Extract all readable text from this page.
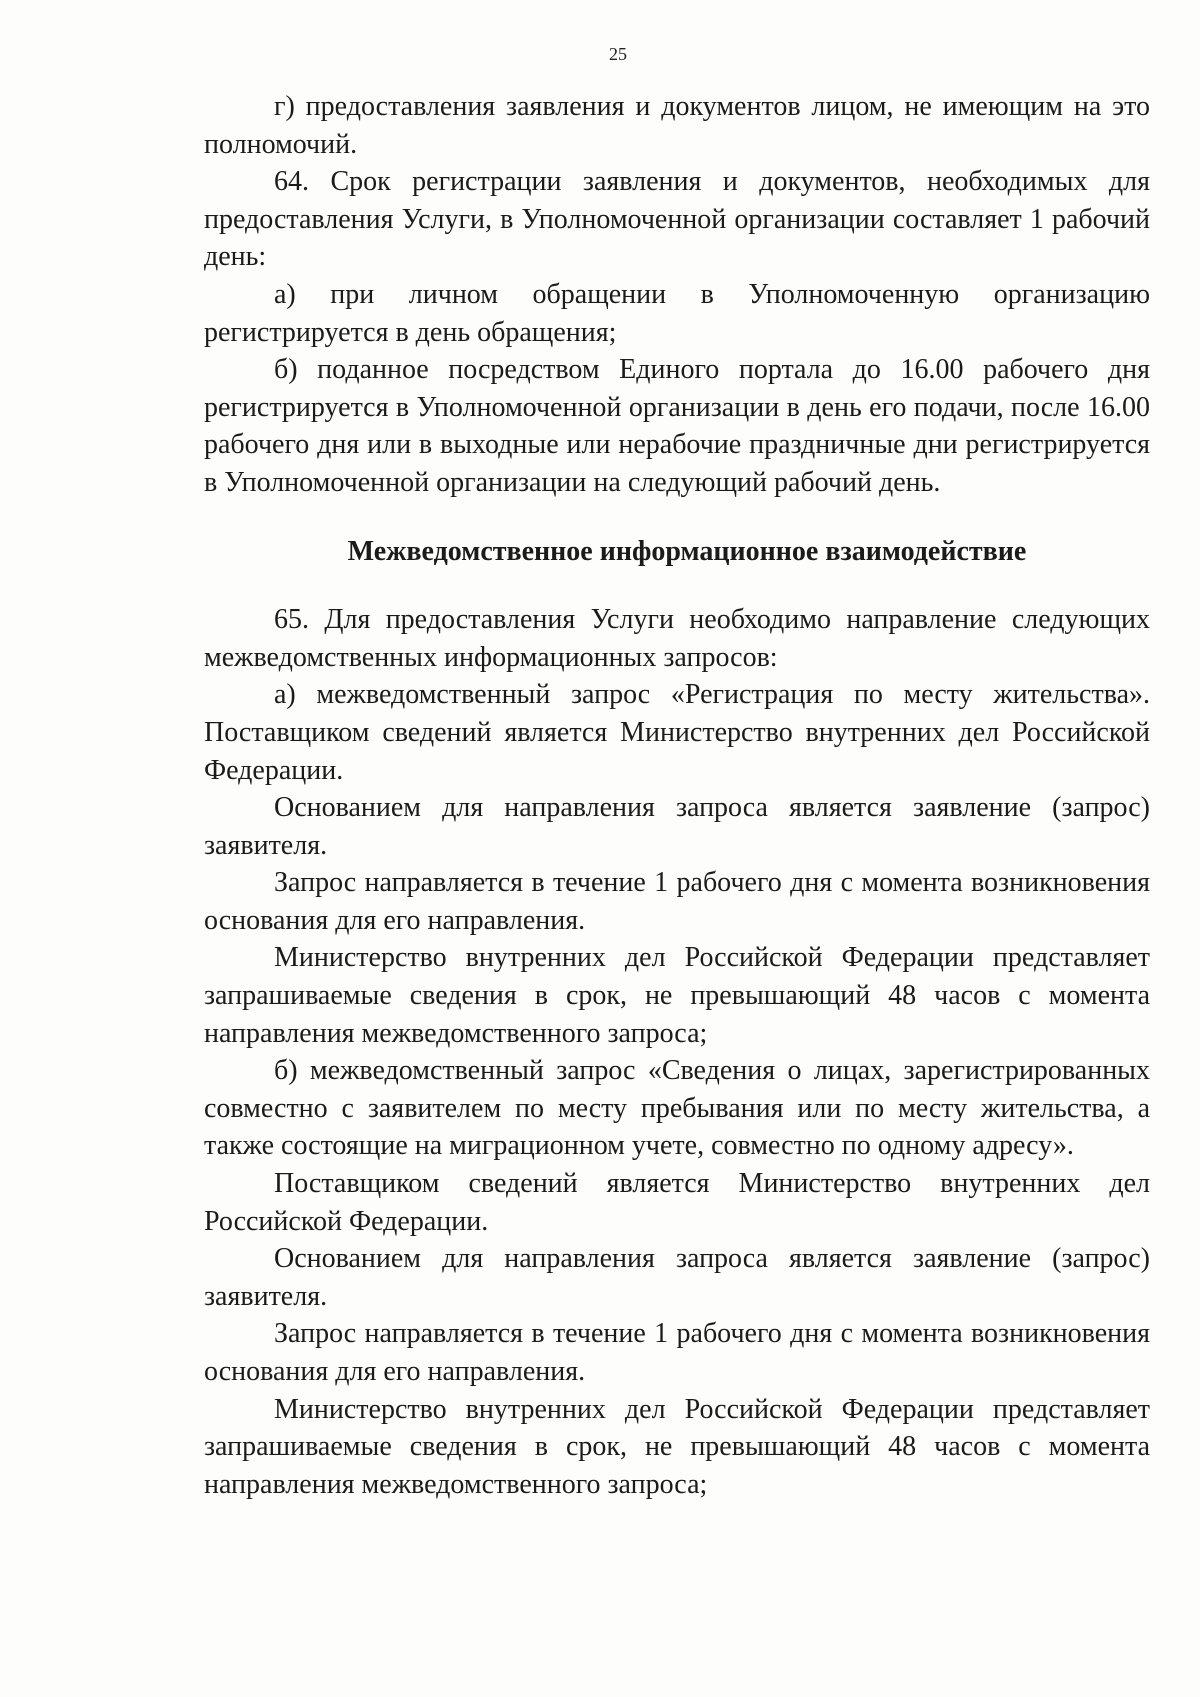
25

г) предоставления заявления и документов лицом, не имеющим на это полномочий.

64. Срок регистрации заявления и документов, необходимых для предоставления Услуги, в Уполномоченной организации составляет 1 рабочий день:

а) при личном обращении в Уполномоченную организацию регистрируется в день обращения;

б) поданное посредством Единого портала до 16.00 рабочего дня регистрируется в Уполномоченной организации в день его подачи, после 16.00 рабочего дня или в выходные или нерабочие праздничные дни регистрируется в Уполномоченной организации на следующий рабочий день.

Межведомственное информационное взаимодействие

65. Для предоставления Услуги необходимо направление следующих межведомственных информационных запросов:

а) межведомственный запрос «Регистрация по месту жительства». Поставщиком сведений является Министерство внутренних дел Российской Федерации.

Основанием для направления запроса является заявление (запрос) заявителя.

Запрос направляется в течение 1 рабочего дня с момента возникновения основания для его направления.

Министерство внутренних дел Российской Федерации представляет запрашиваемые сведения в срок, не превышающий 48 часов с момента направления межведомственного запроса;

б) межведомственный запрос «Сведения о лицах, зарегистрированных совместно с заявителем по месту пребывания или по месту жительства, а также состоящие на миграционном учете, совместно по одному адресу».

Поставщиком сведений является Министерство внутренних дел Российской Федерации.

Основанием для направления запроса является заявление (запрос) заявителя.

Запрос направляется в течение 1 рабочего дня с момента возникновения основания для его направления.

Министерство внутренних дел Российской Федерации представляет запрашиваемые сведения в срок, не превышающий 48 часов с момента направления межведомственного запроса;
